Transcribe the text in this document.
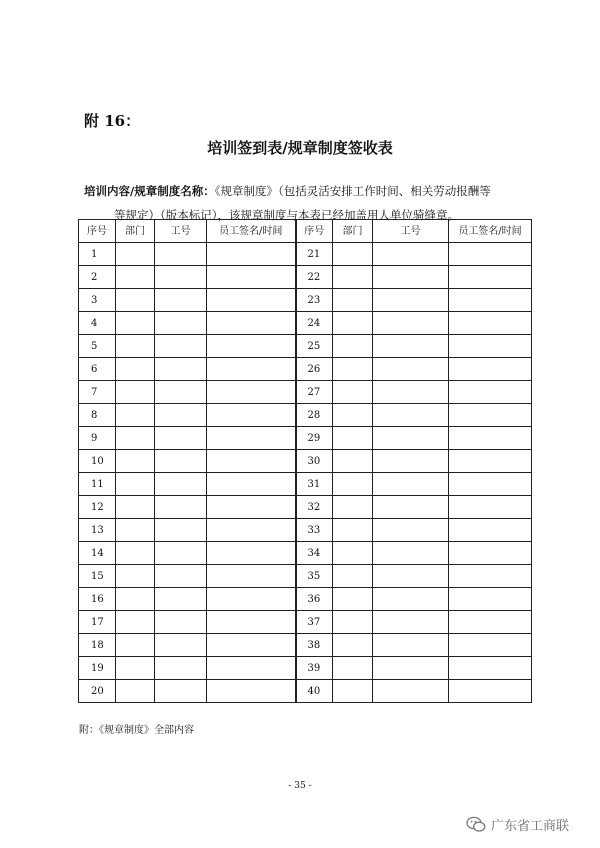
附 16：

培训签到表/规章制度签收表
培训内容/规章制度名称：《规章制度》（包括灵活安排工作时间、相关劳动报酬等
等规定）（版本标记），该规章制度与本表已经加盖用人单位骑缝章。
序号	部门	工号	员工签名/时间	序号	部门	工号	员工签名/时间
1				21			
2				22			
3				23			
4				24			
5				25			
6				26			
7				27			
8				28			
9				29			
10				30			
11				31			
12				32			
13				33			
14				34			
15				35			
16				36			
17				37			
18				38			
19				39			
20				40			

附：《规章制度》全部内容

- 35 -

广东省工商联
